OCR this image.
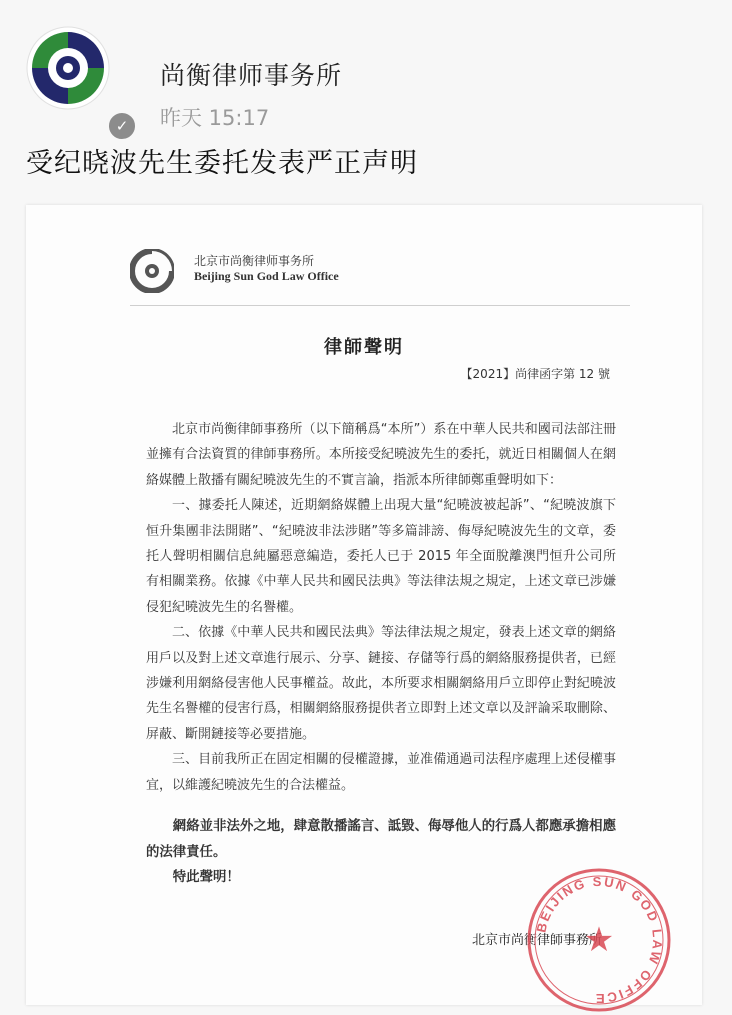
✓
尚衡律师事务所
昨天 15:17
受纪晓波先生委托发表严正声明
北京市尚衡律师事务所
Beijing Sun God Law Office
律師聲明
【2021】尚律函字第 12 號

北京市尚衡律師事務所（以下簡稱爲“本所”）系在中華人民共和國司法部注冊並擁有合法資質的律師事務所。本所接受紀曉波先生的委托，就近日相關個人在網絡媒體上散播有關紀曉波先生的不實言論，指派本所律師鄭重聲明如下：

一、據委托人陳述，近期網絡媒體上出現大量“紀曉波被起訴”、“紀曉波旗下恒升集團非法開賭”、“紀曉波非法涉賭”等多篇誹謗、侮辱紀曉波先生的文章，委托人聲明相關信息純屬惡意編造，委托人已于 2015 年全面脫離澳門恒升公司所有相關業務。依據《中華人民共和國民法典》等法律法規之規定，上述文章已涉嫌侵犯紀曉波先生的名譽權。

二、依據《中華人民共和國民法典》等法律法規之規定，發表上述文章的網絡用戶以及對上述文章進行展示、分享、鏈接、存儲等行爲的網絡服務提供者，已經涉嫌利用網絡侵害他人民事權益。故此，本所要求相關網絡用戶立即停止對紀曉波先生名譽權的侵害行爲，相關網絡服務提供者立即對上述文章以及評論采取刪除、屏蔽、斷開鏈接等必要措施。

三、目前我所正在固定相關的侵權證據，並准備通過司法程序處理上述侵權事宜，以維護紀曉波先生的合法權益。

網絡並非法外之地，肆意散播謠言、詆毀、侮辱他人的行爲人都應承擔相應的法律責任。

特此聲明！

北京市尚衡律師事務所
BEIJING SUN GOD LAW OFFICE
★
